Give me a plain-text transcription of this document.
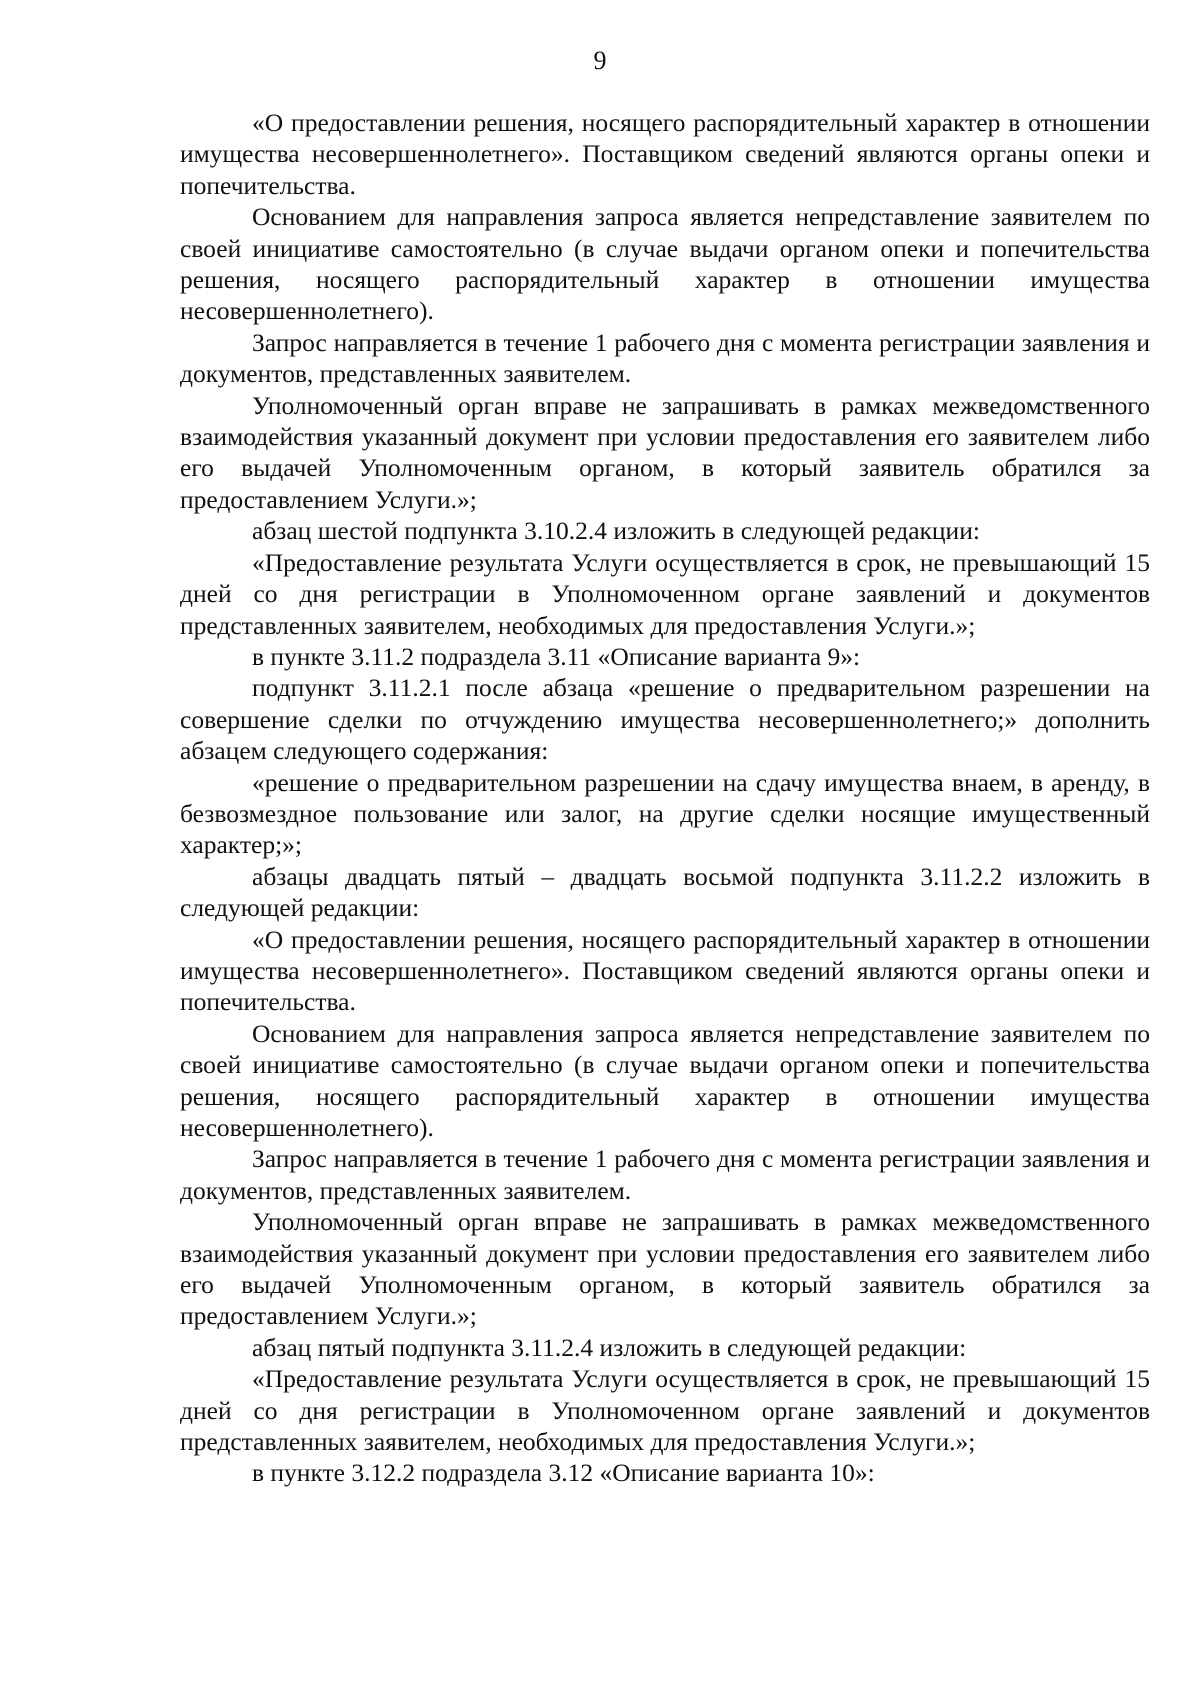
9

«О предоставлении решения, носящего распорядительный характер в отношении имущества несовершеннолетнего». Поставщиком сведений являются органы опеки и попечительства.

Основанием для направления запроса является непредставление заявителем по своей инициативе самостоятельно (в случае выдачи органом опеки и попечительства решения, носящего распорядительный характер в отношении имущества несовершеннолетнего).

Запрос направляется в течение 1 рабочего дня с момента регистрации заявления и документов, представленных заявителем.

Уполномоченный орган вправе не запрашивать в рамках межведомственного взаимодействия указанный документ при условии предоставления его заявителем либо его выдачей Уполномоченным органом, в который заявитель обратился за предоставлением Услуги.»;

абзац шестой подпункта 3.10.2.4 изложить в следующей редакции:

«Предоставление результата Услуги осуществляется в срок, не превышающий 15 дней со дня регистрации в Уполномоченном органе заявлений и документов представленных заявителем, необходимых для предоставления Услуги.»;

в пункте 3.11.2 подраздела 3.11 «Описание варианта 9»:

подпункт 3.11.2.1 после абзаца «решение о предварительном разрешении на совершение сделки по отчуждению имущества несовершеннолетнего;» дополнить абзацем следующего содержания:

«решение о предварительном разрешении на сдачу имущества внаем, в аренду, в безвозмездное пользование или залог, на другие сделки носящие имущественный характер;»;

абзацы двадцать пятый – двадцать восьмой подпункта 3.11.2.2 изложить в следующей редакции:

«О предоставлении решения, носящего распорядительный характер в отношении имущества несовершеннолетнего». Поставщиком сведений являются органы опеки и попечительства.

Основанием для направления запроса является непредставление заявителем по своей инициативе самостоятельно (в случае выдачи органом опеки и попечительства решения, носящего распорядительный характер в отношении имущества несовершеннолетнего).

Запрос направляется в течение 1 рабочего дня с момента регистрации заявления и документов, представленных заявителем.

Уполномоченный орган вправе не запрашивать в рамках межведомственного взаимодействия указанный документ при условии предоставления его заявителем либо его выдачей Уполномоченным органом, в который заявитель обратился за предоставлением Услуги.»;

абзац пятый подпункта 3.11.2.4 изложить в следующей редакции:

«Предоставление результата Услуги осуществляется в срок, не превышающий 15 дней со дня регистрации в Уполномоченном органе заявлений и документов представленных заявителем, необходимых для предоставления Услуги.»;

в пункте 3.12.2 подраздела 3.12 «Описание варианта 10»:
